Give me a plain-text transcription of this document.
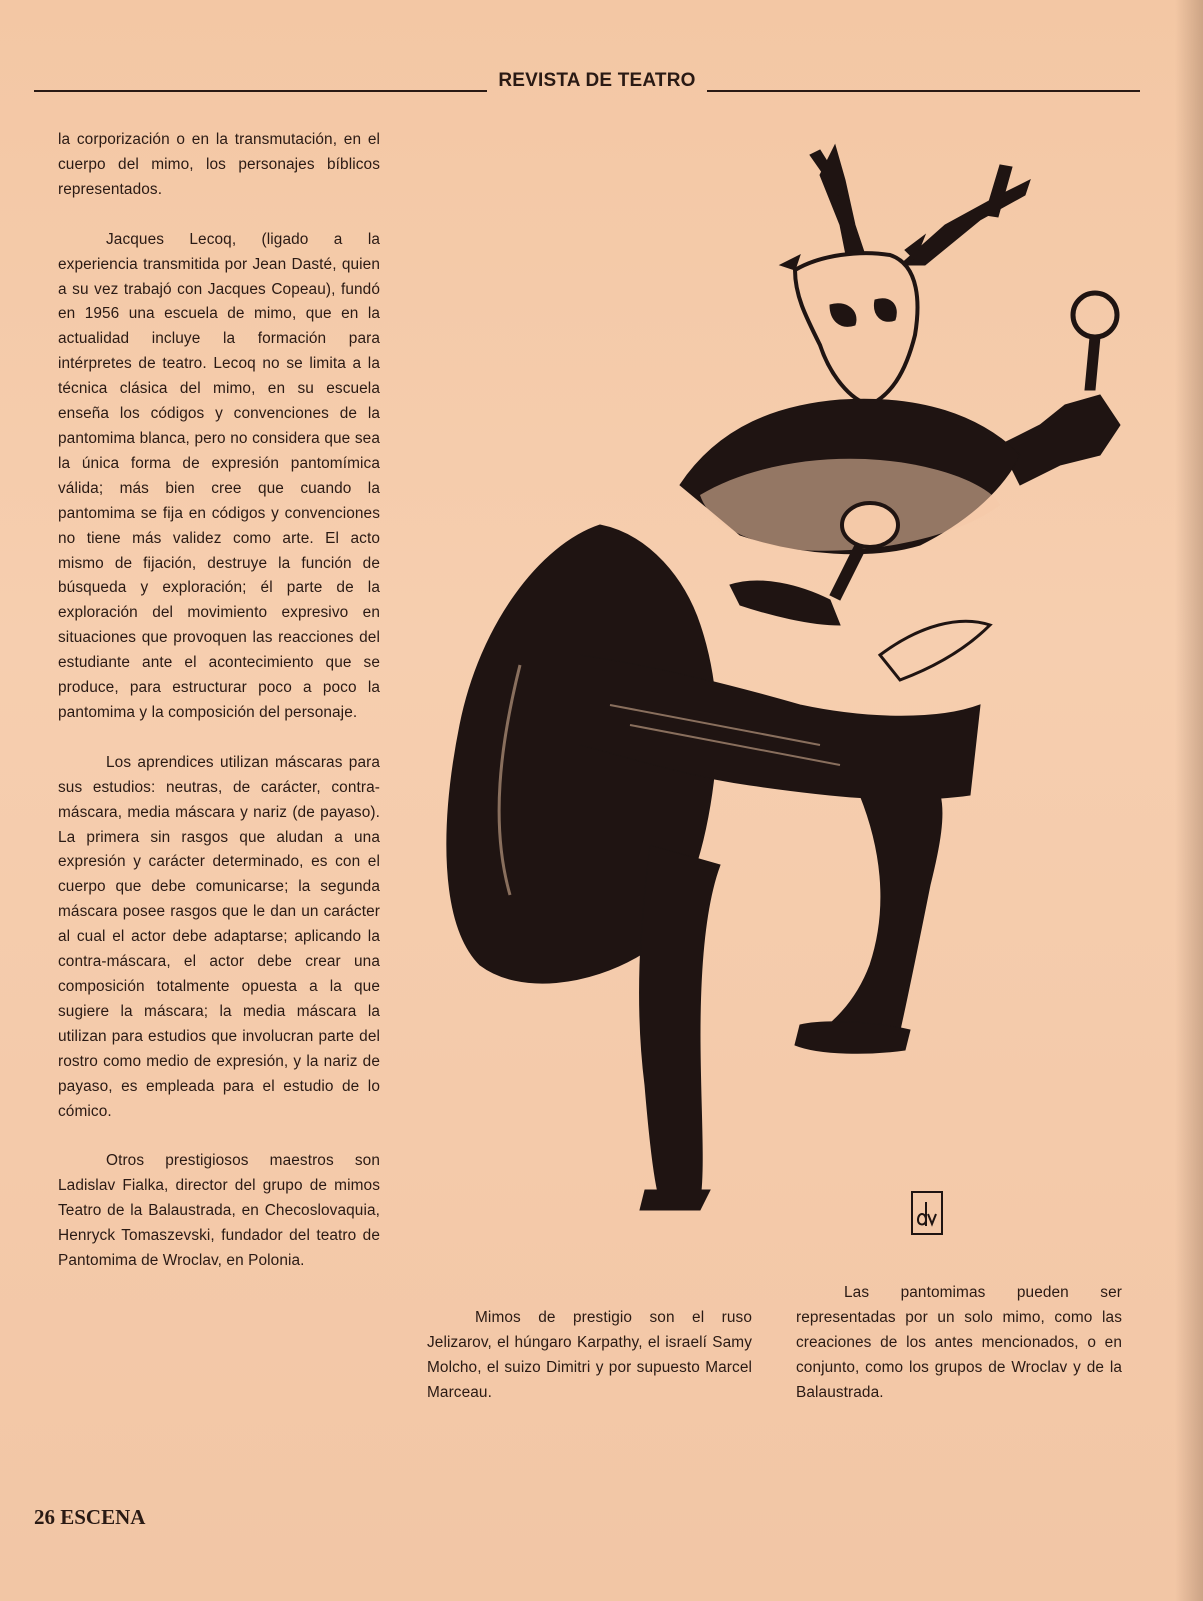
REVISTA DE TEATRO

la corporización o en la transmutación, en el cuerpo del mimo, los personajes bíblicos representados.

Jacques Lecoq, (ligado a la experiencia transmitida por Jean Dasté, quien a su vez trabajó con Jacques Copeau), fundó en 1956 una escuela de mimo, que en la actualidad incluye la formación para intérpretes de teatro. Lecoq no se limita a la técnica clásica del mimo, en su escuela enseña los códigos y convenciones de la pantomima blanca, pero no considera que sea la única forma de expresión pantomímica válida; más bien cree que cuando la pantomima se fija en códigos y convenciones no tiene más validez como arte. El acto mismo de fijación, destruye la función de búsqueda y exploración; él parte de la exploración del movimiento expresivo en situaciones que provoquen las reacciones del estudiante ante el acontecimiento que se produce, para estructurar poco a poco la pantomima y la composición del personaje.

Los aprendices utilizan máscaras para sus estudios: neutras, de carácter, contra-máscara, media máscara y nariz (de payaso). La primera sin rasgos que aludan a una expresión y carácter determinado, es con el cuerpo que debe comunicarse; la segunda máscara posee rasgos que le dan un carácter al cual el actor debe adaptarse; aplicando la contra-máscara, el actor debe crear una composición totalmente opuesta a la que sugiere la máscara; la media máscara la utilizan para estudios que involucran parte del rostro como medio de expresión, y la nariz de payaso, es empleada para el estudio de lo cómico.

Otros prestigiosos maestros son Ladislav Fialka, director del grupo de mimos Teatro de la Balaustrada, en Checoslovaquia, Henryck Tomaszevski, fundador del teatro de Pantomima de Wroclav, en Polonia.

Mimos de prestigio son el ruso Jelizarov, el húngaro Karpathy, el israelí Samy Molcho, el suizo Dimitri y por supuesto Marcel Marceau.

Las pantomimas pueden ser representadas por un solo mimo, como las creaciones de los antes mencionados, o en conjunto, como los grupos de Wroclav y de la Balaustrada.

26 ESCENA
